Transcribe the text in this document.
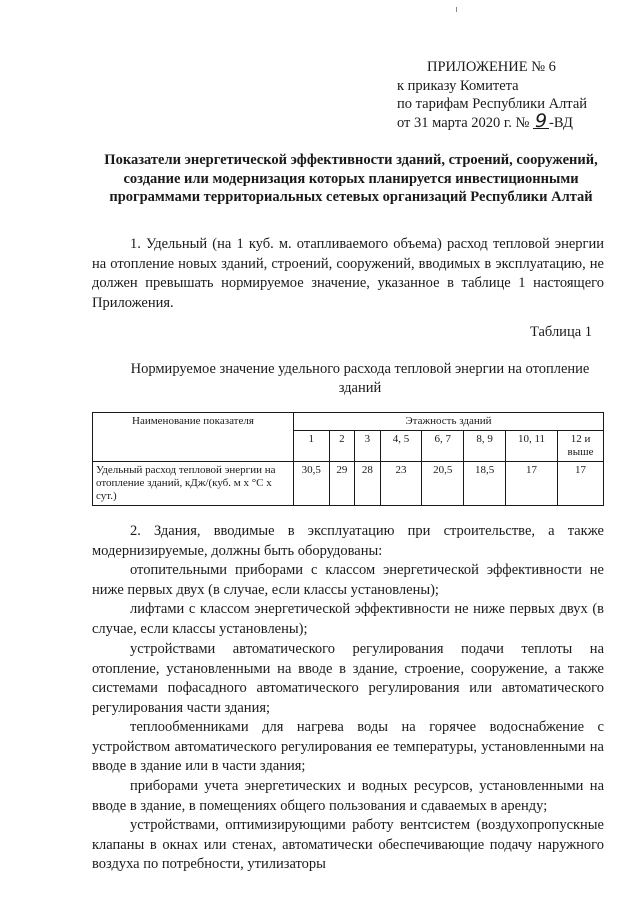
ПРИЛОЖЕНИЕ № 6
к приказу Комитета
по тарифам Республики Алтай
от 31 марта 2020 г. № 9 -ВД
Показатели энергетической эффективности зданий, строений, сооружений, создание или модернизация которых планируется инвестиционными программами территориальных сетевых организаций Республики Алтай
1. Удельный (на 1 куб. м. отапливаемого объема) расход тепловой энергии на отопление новых зданий, строений, сооружений, вводимых в эксплуатацию, не должен превышать нормируемое значение, указанное в таблице 1 настоящего Приложения.
Таблица 1
Нормируемое значение удельного расхода тепловой энергии на отопление зданий
Наименование показателя	Этажность зданий							
	1	2	3	4, 5	6, 7	8, 9	10, 11	12 и выше
Удельный расход тепловой энергии на отопление зданий, кДж/(куб. м х °С х сут.)	30,5	29	28	23	20,5	18,5	17	17
2. Здания, вводимые в эксплуатацию при строительстве, а также модернизируемые, должны быть оборудованы:
отопительными приборами с классом энергетической эффективности не ниже первых двух (в случае, если классы установлены);
лифтами с классом энергетической эффективности не ниже первых двух (в случае, если классы установлены);
устройствами автоматического регулирования подачи теплоты на отопление, установленными на вводе в здание, строение, сооружение, а также системами пофасадного автоматического регулирования или автоматического регулирования части здания;
теплообменниками для нагрева воды на горячее водоснабжение с устройством автоматического регулирования ее температуры, установленными на вводе в здание или в части здания;
приборами учета энергетических и водных ресурсов, установленными на вводе в здание, в помещениях общего пользования и сдаваемых в аренду;
устройствами, оптимизирующими работу вентсистем (воздухопропускные клапаны в окнах или стенах, автоматически обеспечивающие подачу наружного воздуха по потребности, утилизаторы
